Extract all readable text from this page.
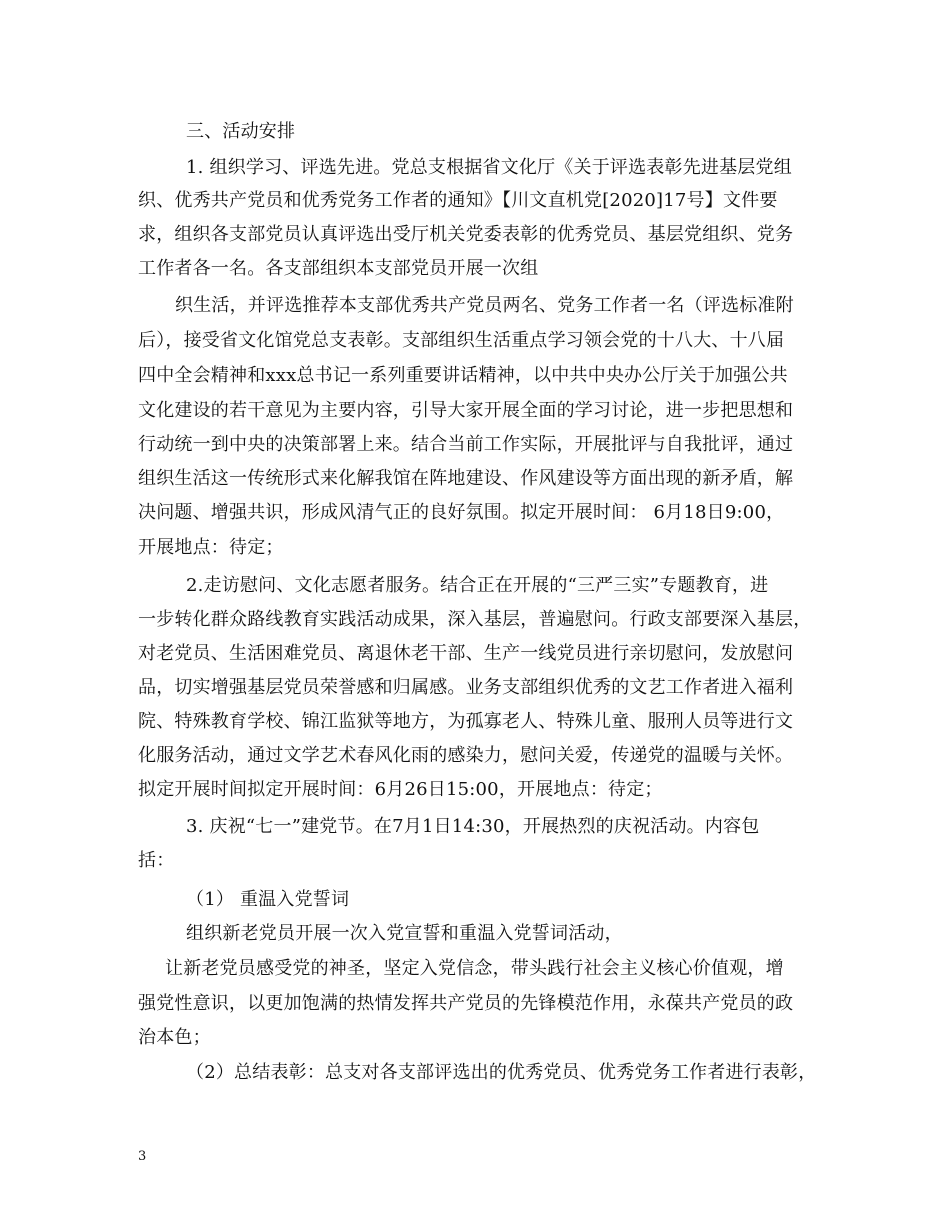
三、活动安排
1. 组织学习、评选先进。党总支根据省文化厅《关于评选表彰先进基层党组
织、优秀共产党员和优秀党务工作者的通知》【川文直机党[2020]17号】文件要
求，组织各支部党员认真评选出受厅机关党委表彰的优秀党员、基层党组织、党务
工作者各一名。各支部组织本支部党员开展一次组
织生活，并评选推荐本支部优秀共产党员两名、党务工作者一名（评选标准附
后），接受省文化馆党总支表彰。支部组织生活重点学习领会党的十八大、十八届
四中全会精神和xxx总书记一系列重要讲话精神，以中共中央办公厅关于加强公共
文化建设的若干意见为主要内容，引导大家开展全面的学习讨论，进一步把思想和
行动统一到中央的决策部署上来。结合当前工作实际，开展批评与自我批评，通过
组织生活这一传统形式来化解我馆在阵地建设、作风建设等方面出现的新矛盾，解
决问题、增强共识，形成风清气正的良好氛围。拟定开展时间： 6月18日9:00，
开展地点：待定；
2.走访慰问、文化志愿者服务。结合正在开展的“三严三实”专题教育，进
一步转化群众路线教育实践活动成果，深入基层，普遍慰问。行政支部要深入基层，
对老党员、生活困难党员、离退休老干部、生产一线党员进行亲切慰问，发放慰问
品，切实增强基层党员荣誉感和归属感。业务支部组织优秀的文艺工作者进入福利
院、特殊教育学校、锦江监狱等地方，为孤寡老人、特殊儿童、服刑人员等进行文
化服务活动，通过文学艺术春风化雨的感染力，慰问关爱，传递党的温暖与关怀。
拟定开展时间拟定开展时间：6月26日15:00，开展地点：待定；
3. 庆祝“七一”建党节。在7月1日14:30，开展热烈的庆祝活动。内容包
括：
（1） 重温入党誓词
组织新老党员开展一次入党宣誓和重温入党誓词活动，
让新老党员感受党的神圣，坚定入党信念，带头践行社会主义核心价值观，增
强党性意识，以更加饱满的热情发挥共产党员的先锋模范作用，永葆共产党员的政
治本色；
（2）总结表彰：总支对各支部评选出的优秀党员、优秀党务工作者进行表彰，
3
